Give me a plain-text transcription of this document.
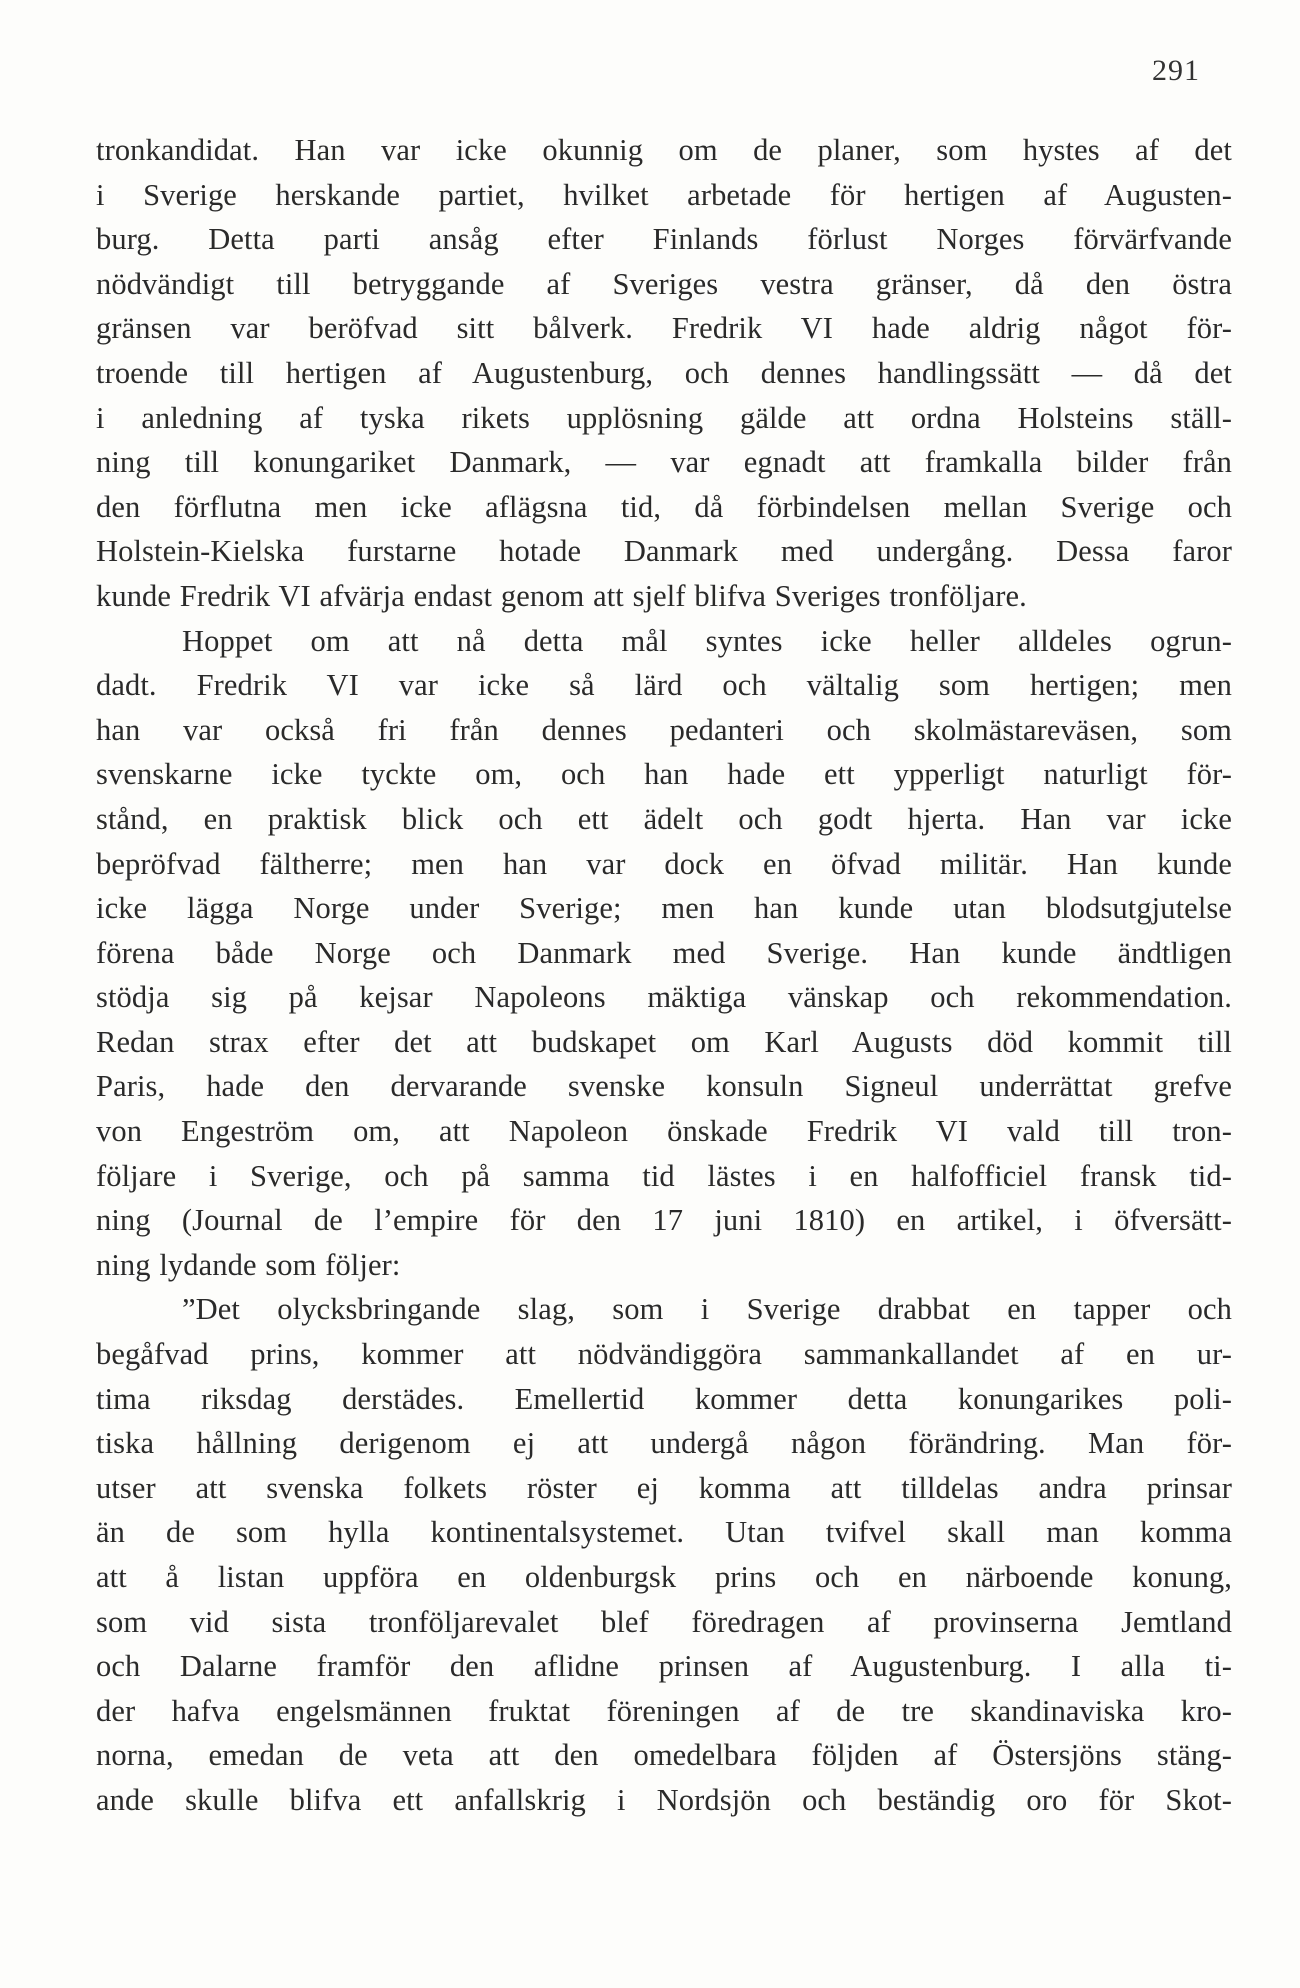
291
tronkandidat. Han var icke okunnig om de planer, som hystes af det
i Sverige herskande partiet, hvilket arbetade för hertigen af Augusten-
burg. Detta parti ansåg efter Finlands förlust Norges förvärfvande
nödvändigt till betryggande af Sveriges vestra gränser, då den östra
gränsen var beröfvad sitt bålverk. Fredrik VI hade aldrig något för-
troende till hertigen af Augustenburg, och dennes handlingssätt — då det
i anledning af tyska rikets upplösning gälde att ordna Holsteins ställ-
ning till konungariket Danmark, — var egnadt att framkalla bilder från
den förflutna men icke aflägsna tid, då förbindelsen mellan Sverige och
Holstein-Kielska furstarne hotade Danmark med undergång. Dessa faror
kunde Fredrik VI afvärja endast genom att sjelf blifva Sveriges tronföljare.
Hoppet om att nå detta mål syntes icke heller alldeles ogrun-
dadt. Fredrik VI var icke så lärd och vältalig som hertigen; men
han var också fri från dennes pedanteri och skolmästareväsen, som
svenskarne icke tyckte om, och han hade ett ypperligt naturligt för-
stånd, en praktisk blick och ett ädelt och godt hjerta. Han var icke
bepröfvad fältherre; men han var dock en öfvad militär. Han kunde
icke lägga Norge under Sverige; men han kunde utan blodsutgjutelse
förena både Norge och Danmark med Sverige. Han kunde ändtligen
stödja sig på kejsar Napoleons mäktiga vänskap och rekommendation.
Redan strax efter det att budskapet om Karl Augusts död kommit till
Paris, hade den dervarande svenske konsuln Signeul underrättat grefve
von Engeström om, att Napoleon önskade Fredrik VI vald till tron-
följare i Sverige, och på samma tid lästes i en halfofficiel fransk tid-
ning (Journal de l’empire för den 17 juni 1810) en artikel, i öfversätt-
ning lydande som följer:
”Det olycksbringande slag, som i Sverige drabbat en tapper och
begåfvad prins, kommer att nödvändiggöra sammankallandet af en ur-
tima riksdag derstädes. Emellertid kommer detta konungarikes poli-
tiska hållning derigenom ej att undergå någon förändring. Man för-
utser att svenska folkets röster ej komma att tilldelas andra prinsar
än de som hylla kontinentalsystemet. Utan tvifvel skall man komma
att å listan uppföra en oldenburgsk prins och en närboende konung,
som vid sista tronföljarevalet blef föredragen af provinserna Jemtland
och Dalarne framför den aflidne prinsen af Augustenburg. I alla ti-
der hafva engelsmännen fruktat föreningen af de tre skandinaviska kro-
norna, emedan de veta att den omedelbara följden af Östersjöns stäng-
ande skulle blifva ett anfallskrig i Nordsjön och beständig oro för Skot-
